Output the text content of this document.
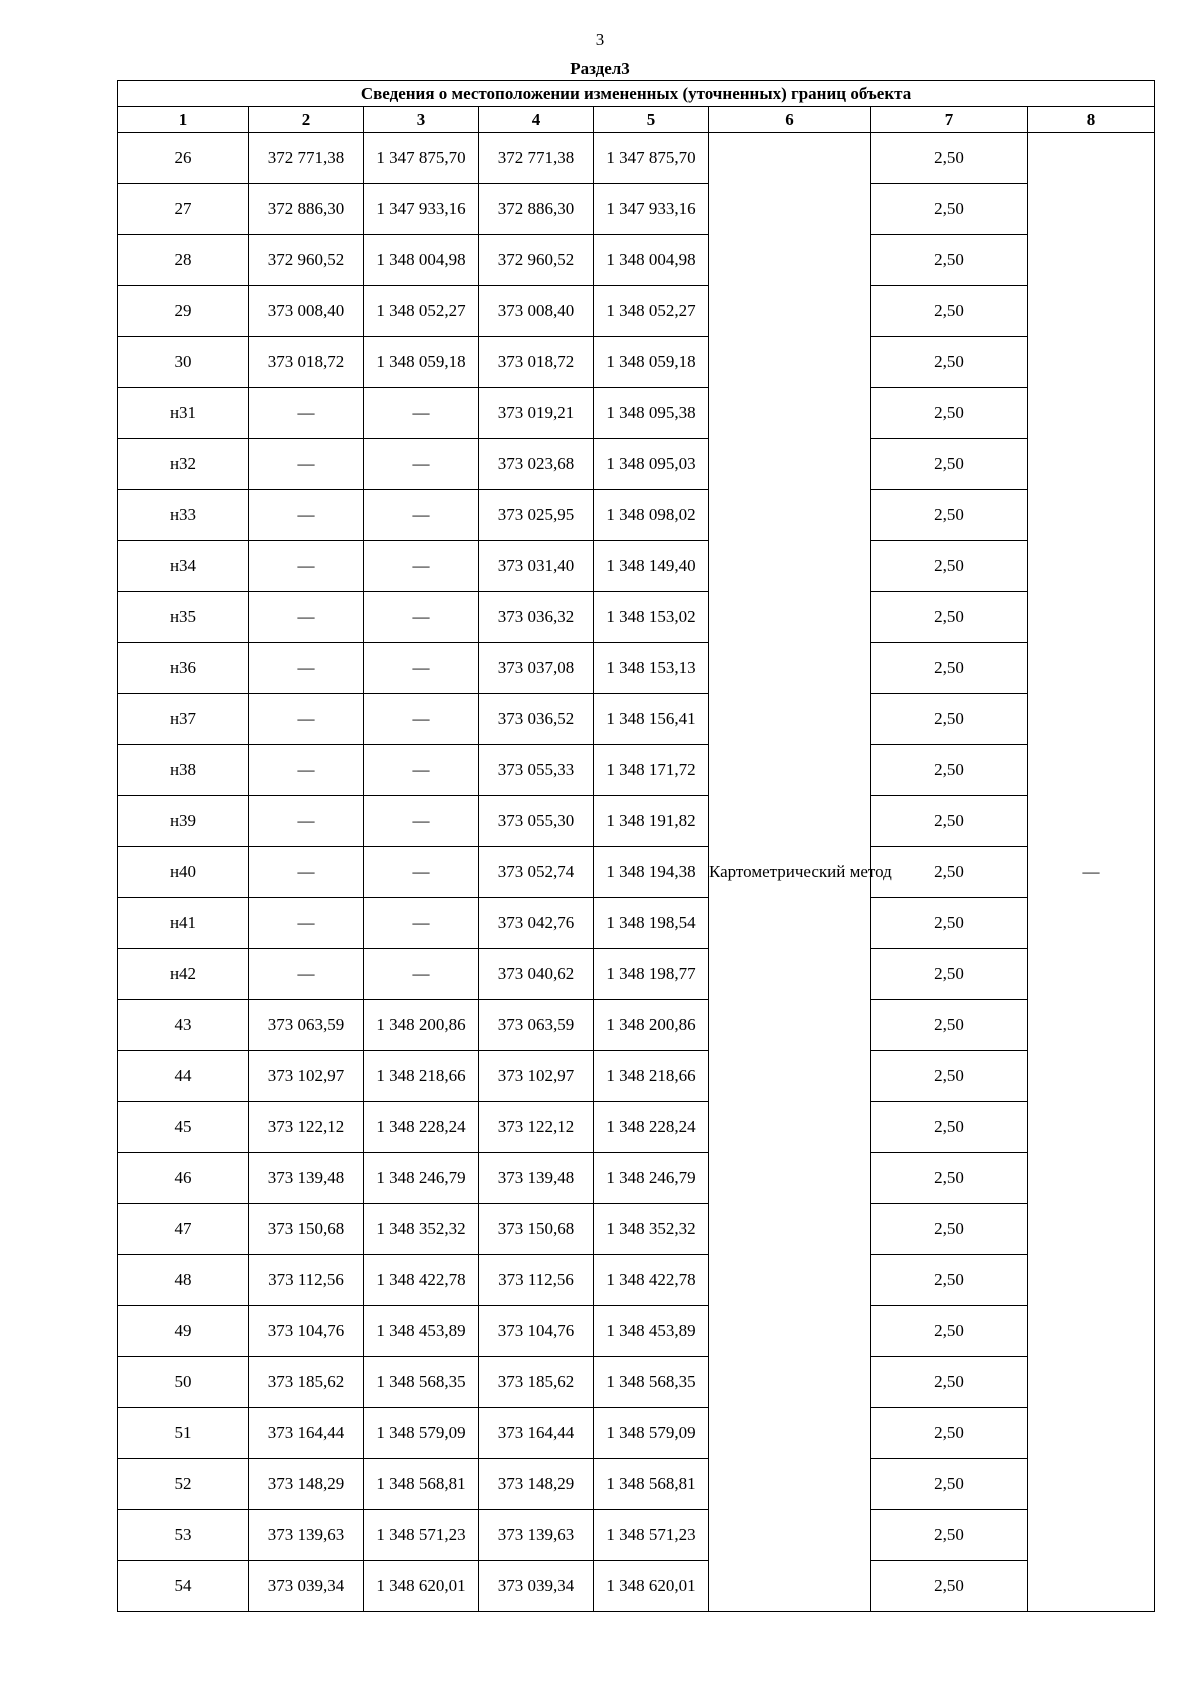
3
Раздел3
Сведения о местоположении измененных (уточненных) границ объекта							
1	2	3	4	5	6	7	8
26	372 771,38	1 347 875,70	372 771,38	1 347 875,70	Картометрический метод	2,50	—
27	372 886,30	1 347 933,16	372 886,30	1 347 933,16		2,50	
28	372 960,52	1 348 004,98	372 960,52	1 348 004,98		2,50	
29	373 008,40	1 348 052,27	373 008,40	1 348 052,27		2,50	
30	373 018,72	1 348 059,18	373 018,72	1 348 059,18		2,50	
н31	—	—	373 019,21	1 348 095,38		2,50	
н32	—	—	373 023,68	1 348 095,03		2,50	
н33	—	—	373 025,95	1 348 098,02		2,50	
н34	—	—	373 031,40	1 348 149,40		2,50	
н35	—	—	373 036,32	1 348 153,02		2,50	
н36	—	—	373 037,08	1 348 153,13		2,50	
н37	—	—	373 036,52	1 348 156,41		2,50	
н38	—	—	373 055,33	1 348 171,72		2,50	
н39	—	—	373 055,30	1 348 191,82		2,50	
н40	—	—	373 052,74	1 348 194,38		2,50	
н41	—	—	373 042,76	1 348 198,54		2,50	
н42	—	—	373 040,62	1 348 198,77		2,50	
43	373 063,59	1 348 200,86	373 063,59	1 348 200,86		2,50	
44	373 102,97	1 348 218,66	373 102,97	1 348 218,66		2,50	
45	373 122,12	1 348 228,24	373 122,12	1 348 228,24		2,50	
46	373 139,48	1 348 246,79	373 139,48	1 348 246,79		2,50	
47	373 150,68	1 348 352,32	373 150,68	1 348 352,32		2,50	
48	373 112,56	1 348 422,78	373 112,56	1 348 422,78		2,50	
49	373 104,76	1 348 453,89	373 104,76	1 348 453,89		2,50	
50	373 185,62	1 348 568,35	373 185,62	1 348 568,35		2,50	
51	373 164,44	1 348 579,09	373 164,44	1 348 579,09		2,50	
52	373 148,29	1 348 568,81	373 148,29	1 348 568,81		2,50	
53	373 139,63	1 348 571,23	373 139,63	1 348 571,23		2,50	
54	373 039,34	1 348 620,01	373 039,34	1 348 620,01		2,50	
